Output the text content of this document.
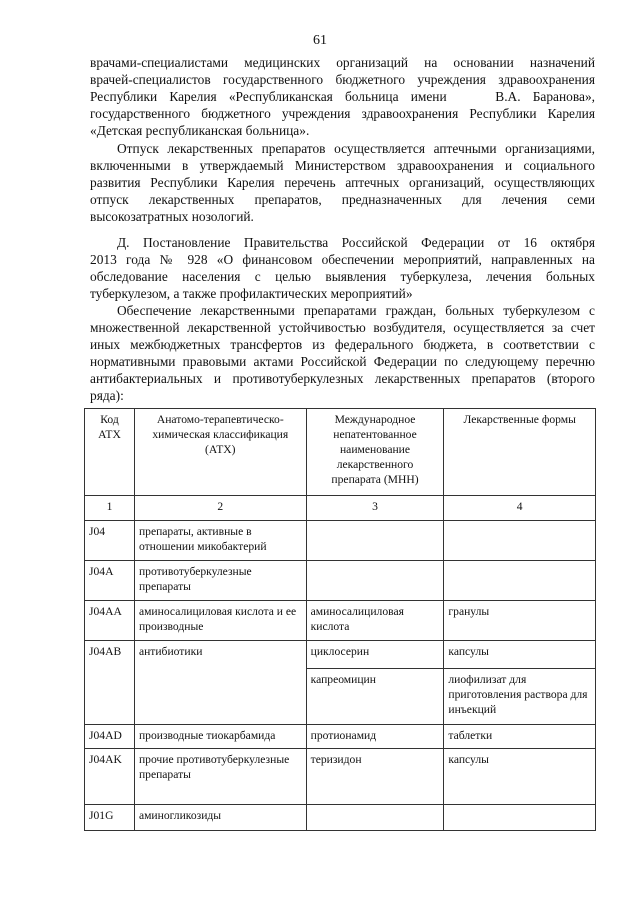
61
врачами-специалистами медицинских организаций на основании назначений
врачей-специалистов государственного бюджетного учреждения здравоохранения
Республики Карелия «Республиканская больница имени    В.А. Баранова»,
государственного бюджетного учреждения здравоохранения Республики Карелия
«Детская республиканская больница».
Отпуск лекарственных препаратов осуществляется аптечными организациями,
включенными в утверждаемый Министерством здравоохранения и социального
развития Республики Карелия перечень аптечных организаций, осуществляющих
отпуск лекарственных препаратов, предназначенных для лечения семи
высокозатратных нозологий.
Д. Постановление Правительства Российской Федерации от 16 октября
2013 года № 928 «О финансовом обеспечении мероприятий, направленных на
обследование населения с целью выявления туберкулеза, лечения больных
туберкулезом, а также профилактических мероприятий»
Обеспечение лекарственными препаратами граждан, больных туберкулезом с
множественной лекарственной устойчивостью возбудителя, осуществляется за счет
иных межбюджетных трансфертов из федерального бюджета, в соответствии с
нормативными правовыми актами Российской Федерации по следующему перечню
антибактериальных и противотуберкулезных лекарственных препаратов (второго
ряда):
Код АТХ	Анатомо-терапевтическо-химическая классификация (АТХ)	Международное непатентованное наименование лекарственного препарата (МНН)	Лекарственные формы
1	2	3	4
J04	препараты, активные в отношении микобактерий		
J04A	противотуберкулезные препараты		
J04AA	аминосалициловая кислота и ее производные	аминосалициловая кислота	гранулы
J04AB	антибиотики	циклосерин	капсулы
		капреомицин	лиофилизат для приготовления раствора для инъекций
J04AD	производные тиокарбамида	протионамид	таблетки
J04AK	прочие противотуберкулезные препараты	теризидон	капсулы
J01G	аминогликозиды		
